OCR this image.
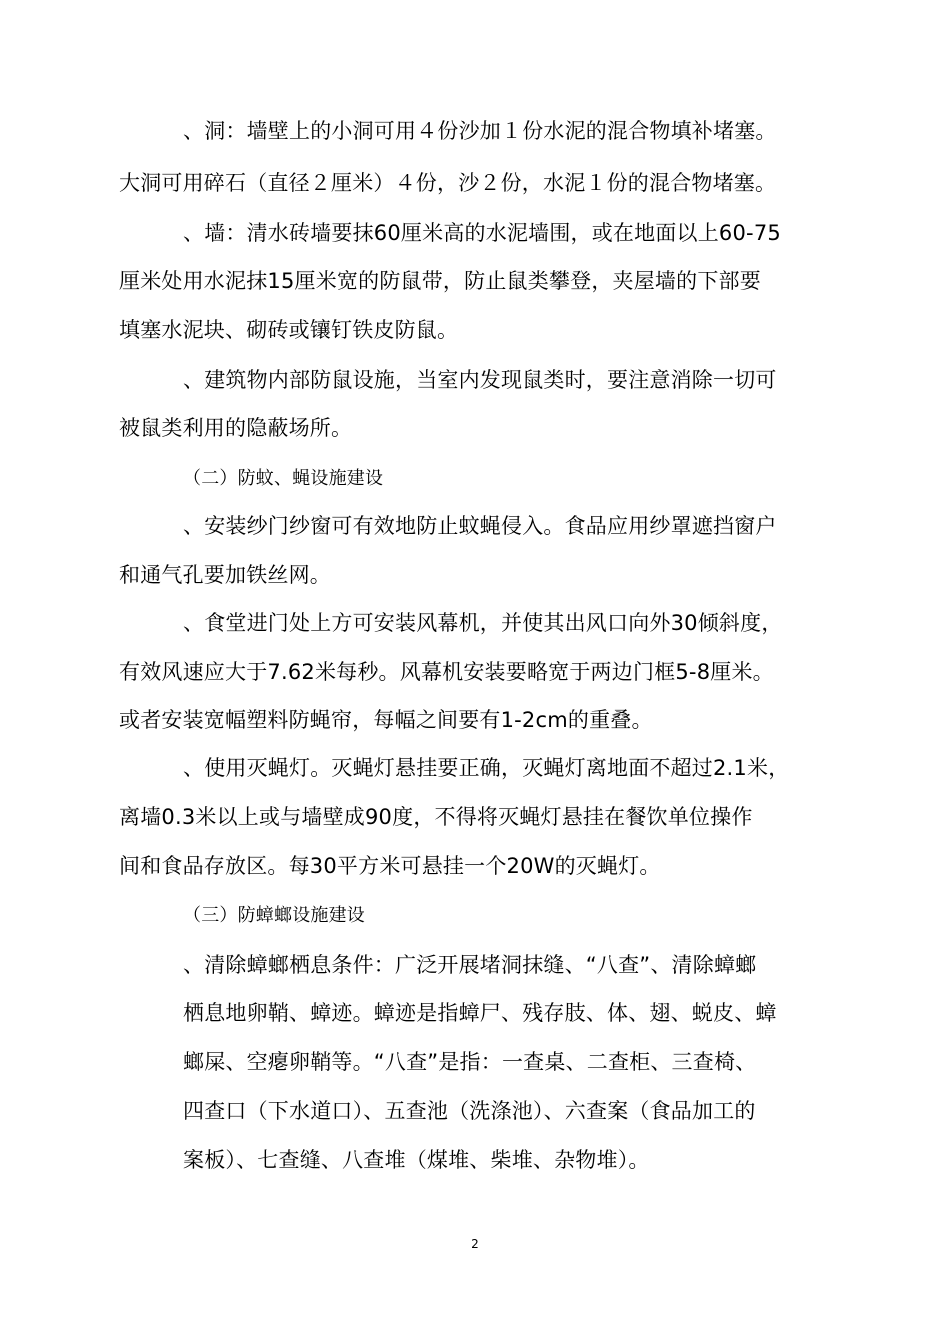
、洞：墙壁上的小洞可用４份沙加１份水泥的混合物填补堵塞。
大洞可用碎石（直径２厘米）４份，沙２份，水泥１份的混合物堵塞。
、墙：清水砖墙要抹60厘米高的水泥墙围，或在地面以上60-75
厘米处用水泥抹15厘米宽的防鼠带，防止鼠类攀登，夹屋墙的下部要
填塞水泥块、砌砖或镶钉铁皮防鼠。
、建筑物内部防鼠设施，当室内发现鼠类时，要注意消除一切可
被鼠类利用的隐蔽场所。
（二）防蚊、蝇设施建设
、安装纱门纱窗可有效地防止蚊蝇侵入。食品应用纱罩遮挡窗户
和通气孔要加铁丝网。
、食堂进门处上方可安装风幕机，并使其出风口向外30倾斜度，
有效风速应大于7.62米每秒。风幕机安装要略宽于两边门框5-8厘米。
或者安装宽幅塑料防蝇帘，每幅之间要有1-2cm的重叠。
、使用灭蝇灯。灭蝇灯悬挂要正确，灭蝇灯离地面不超过2.1米，
离墙0.3米以上或与墙壁成90度，不得将灭蝇灯悬挂在餐饮单位操作
间和食品存放区。每30平方米可悬挂一个20W的灭蝇灯。
（三）防蟑螂设施建设
、清除蟑螂栖息条件：广泛开展堵洞抹缝、“八查”、清除蟑螂
栖息地卵鞘、蟑迹。蟑迹是指蟑尸、残存肢、体、翅、蜕皮、蟑
螂屎、空瘪卵鞘等。“八查”是指：一查桌、二查柜、三查椅、
四查口（下水道口）、五查池（洗涤池）、六查案（食品加工的
案板）、七查缝、八查堆（煤堆、柴堆、杂物堆）。
2
